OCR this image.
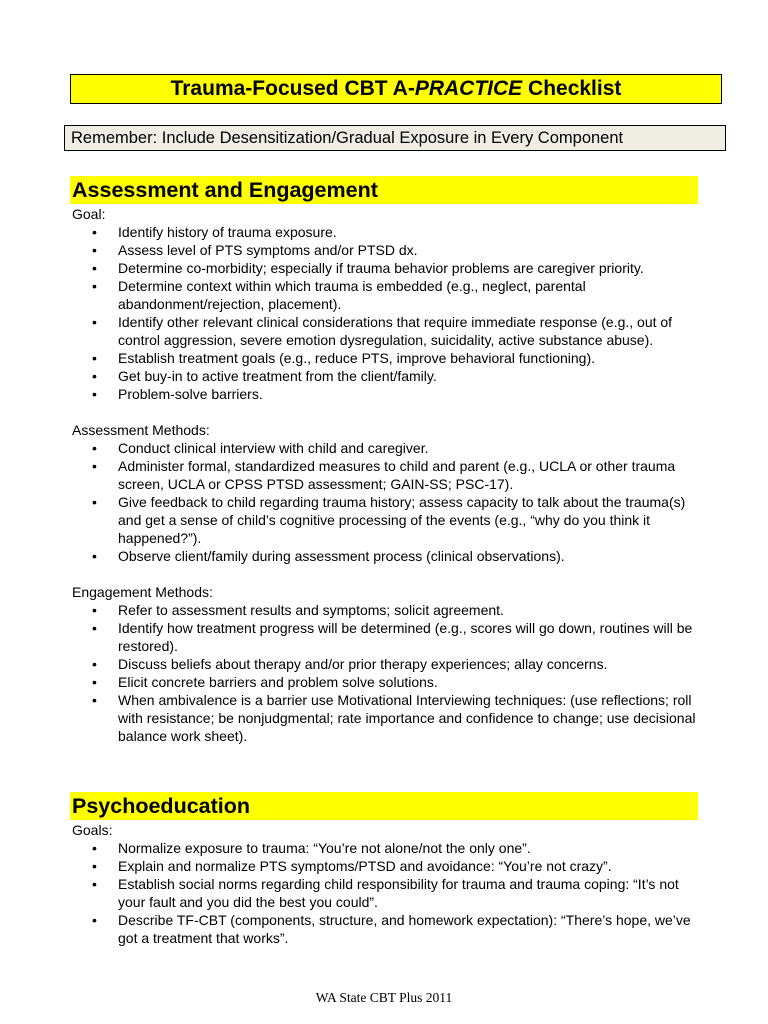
Trauma-Focused CBT A-PRACTICE Checklist
Remember: Include Desensitization/Gradual Exposure in Every Component
Assessment and Engagement

Goal:

• Identify history of trauma exposure.
• Assess level of PTS symptoms and/or PTSD dx.
• Determine co-morbidity; especially if trauma behavior problems are caregiver priority.
• Determine context within which trauma is embedded (e.g., neglect, parental abandonment/rejection, placement).
• Identify other relevant clinical considerations that require immediate response (e.g., out of control aggression, severe emotion dysregulation, suicidality, active substance abuse).
• Establish treatment goals (e.g., reduce PTS, improve behavioral functioning).
• Get buy-in to active treatment from the client/family.
• Problem-solve barriers.

Assessment Methods:

• Conduct clinical interview with child and caregiver.
• Administer formal, standardized measures to child and parent (e.g., UCLA or other trauma screen, UCLA or CPSS PTSD assessment; GAIN-SS; PSC-17).
• Give feedback to child regarding trauma history; assess capacity to talk about the trauma(s) and get a sense of child’s cognitive processing of the events (e.g., “why do you think it happened?”).
• Observe client/family during assessment process (clinical observations).

Engagement Methods:

• Refer to assessment results and symptoms; solicit agreement.
• Identify how treatment progress will be determined (e.g., scores will go down, routines will be restored).
• Discuss beliefs about therapy and/or prior therapy experiences; allay concerns.
• Elicit concrete barriers and problem solve solutions.
• When ambivalence is a barrier use Motivational Interviewing techniques: (use reflections; roll with resistance; be nonjudgmental; rate importance and confidence to change; use decisional balance work sheet).
Psychoeducation

Goals:

• Normalize exposure to trauma: “You’re not alone/not the only one”.
• Explain and normalize PTS symptoms/PTSD and avoidance: “You’re not crazy”.
• Establish social norms regarding child responsibility for trauma and trauma coping: “It’s not your fault and you did the best you could”.
• Describe TF-CBT (components, structure, and homework expectation): “There’s hope, we’ve got a treatment that works”.
WA State CBT Plus 2011
